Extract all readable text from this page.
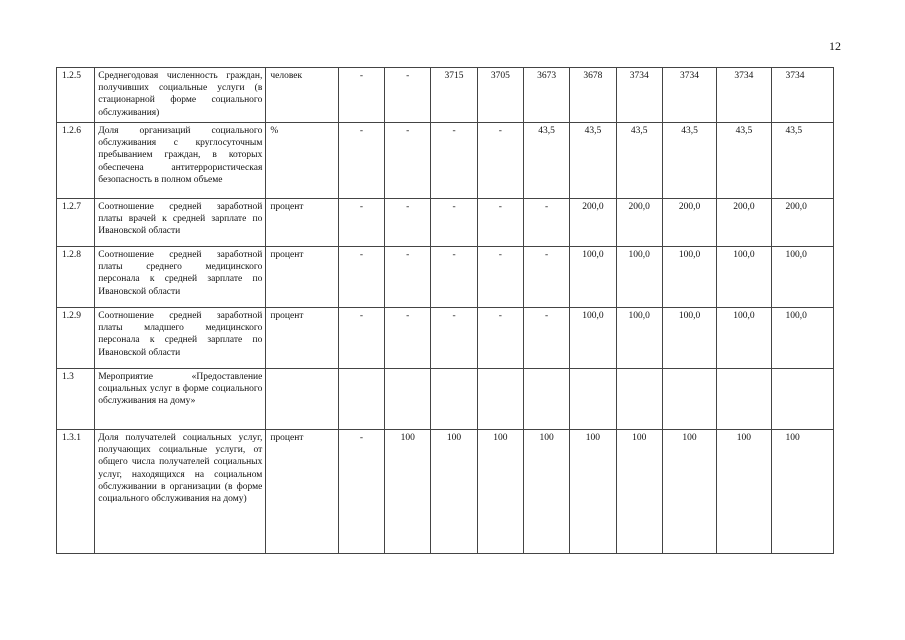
12
1.2.5	Среднегодовая численность граждан, получивших социальные услуги (в стационарной форме социального обслуживания)	человек	-	-	3715	3705	3673	3678	3734	3734	3734	3734
1.2.6	Доля организаций социального обслуживания с круглосуточным пребыванием граждан, в которых обеспечена антитеррористическая безопасность в полном объеме	%	-	-	-	-	43,5	43,5	43,5	43,5	43,5	43,5
1.2.7	Соотношение средней заработной платы врачей к средней зарплате по Ивановской области	процент	-	-	-	-	-	200,0	200,0	200,0	200,0	200,0
1.2.8	Соотношение средней заработной платы среднего медицинского персонала к средней зарплате по Ивановской области	процент	-	-	-	-	-	100,0	100,0	100,0	100,0	100,0
1.2.9	Соотношение средней заработной платы младшего медицинского персонала к средней зарплате по Ивановской области	процент	-	-	-	-	-	100,0	100,0	100,0	100,0	100,0
1.3	Мероприятие «Предоставление социальных услуг в форме социального обслуживания на дому»											
1.3.1	Доля получателей социальных услуг, получающих социальные услуги, от общего числа получателей социальных услуг, находящихся на социальном обслуживании в организации (в форме социального обслуживания на дому)	процент	-	100	100	100	100	100	100	100	100	100
